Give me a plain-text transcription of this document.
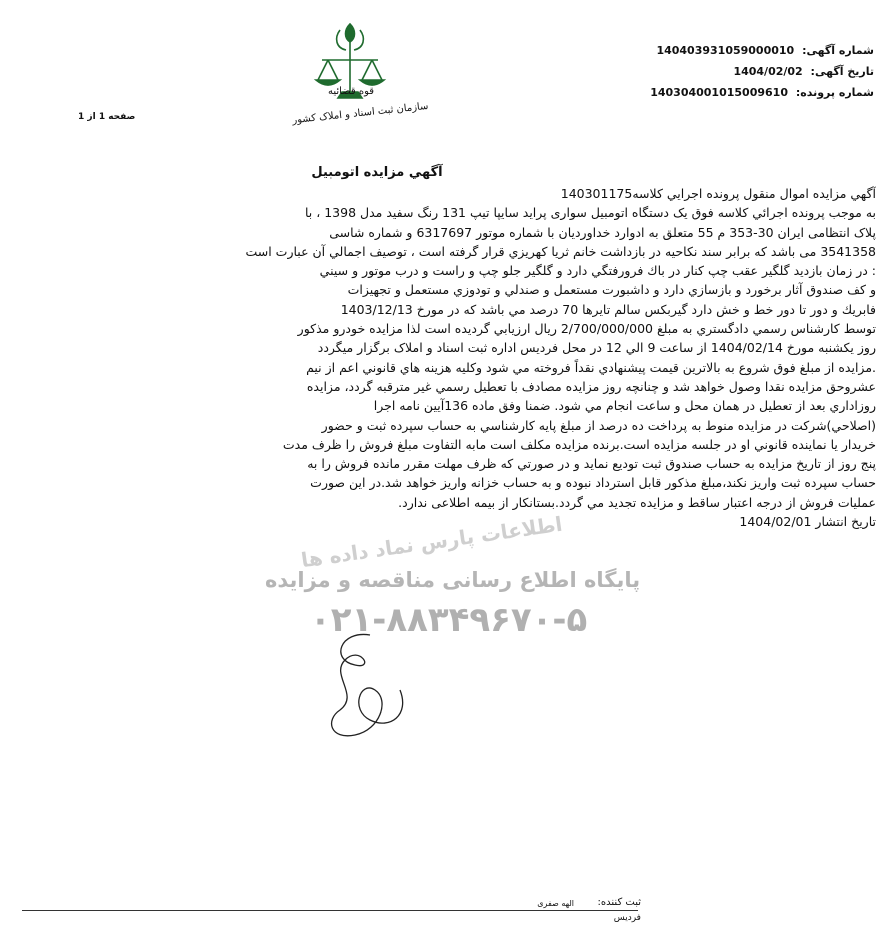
شماره آگهی: 140403931059000010
تاریخ آگهی: 1404/02/02
شماره پرونده: 140304001015009610
صفحه 1 از 1
قوه قضائیه
سازمان ثبت اسناد و املاک کشور
آگهي مزايده اتومبيل

آگهي مزايده اموال منقول پرونده اجرايي كلاسه140301175

به موجب پرونده اجرائي کلاسه فوق يک دستگاه اتومبيل سواری پرايد سايپا تيپ 131 رنگ سفيد مدل 1398 ، با

پلاک انتظامی ايران 30-353 م 55 متعلق به ادوارد خداورديان با شماره موتور 6317697 و شماره شاسی

3541358 می باشد که برابر سند نکاحيه در بازداشت خانم ثريا کهريزي قرار گرفته است ، توصيف اجمالي آن عبارت است

: در زمان بازديد گلگير عقب چپ كنار در باك فرورفتگي دارد و گلگير جلو چپ و راست و درب موتور و سيني

و كف صندوق آثار برخورد و بازسازي دارد و داشبورت مستعمل و صندلي و تودوزي مستعمل و تجهيزات

فابريك و دور تا دور خط و خش دارد گيربكس سالم تايرها 70 درصد مي باشد كه در مورخ 1403/12/13

توسط كارشناس رسمي دادگستري به مبلغ 2/700/000/000 ريال ارزيابي گرديده است لذا مزايده خودرو مذکور

روز يکشنبه مورخ 1404/02/14 از ساعت 9 الي 12 در محل فرديس اداره ثبت اسناد و املاک برگزار ميگردد

.مزايده از مبلغ فوق شروع به بالاترين قيمت پيشنهادي نقداً فروخته مي شود وكليه هزينه هاي قانوني اعم از نيم

عشروحق مزايده نقدا وصول خواهد شد و چنانچه روز مزايده مصادف با تعطيل رسمي غير مترقبه گردد، مزايده

روزاداري بعد از تعطيل در همان محل و ساعت انجام مي شود. ضمنا وفق ماده 136آيين نامه اجرا

(اصلاحي)شرکت در مزايده منوط به پرداخت ده درصد از مبلغ پايه کارشناسي به حساب سپرده ثبت و حضور

خريدار يا نماينده قانوني او در جلسه مزايده است.برنده مزايده مکلف است مابه التفاوت مبلغ فروش را ظرف مدت

پنج روز از تاريخ مزايده به حساب صندوق ثبت توديع نمايد و در صورتي که ظرف مهلت مقرر مانده فروش را به

حساب سپرده ثبت واريز نکند،مبلغ مذکور قابل استرداد نبوده و به حساب خزانه واريز خواهد شد.در اين صورت

عمليات فروش از درجه اعتبار ساقط و مزايده تجديد مي گردد.بستانکار از بيمه اطلاعی ندارد.

تاريخ انتشار 1404/02/01

اطلاعات پارس نماد داده ها
پایگاه اطلاع رسانی مناقصه و مزایده
۰۲۱-۸۸۳۴۹۶۷۰-۵
ثبت کننده:
الهه صفری
فردیس
